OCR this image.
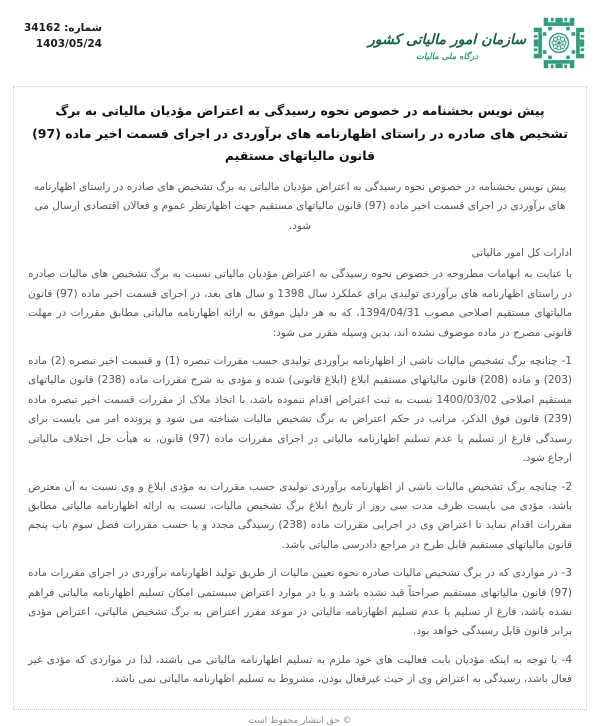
شماره: 34162
1403/05/24	سازمان امور مالیاتی کشور
درگاه ملی مالیات
پیش نویس بخشنامه در خصوص نحوه رسیدگی به اعتراض مؤدیان مالیاتی به برگ تشخیص های صادره در راستای اظهارنامه های برآوردی در اجرای قسمت اخیر ماده (97) قانون مالیاتهای مستقیم
پیش نویس بخشنامه در خصوص نحوه رسیدگی به اعتراض مؤدیان مالیاتی به برگ تشخیص های صادره در راستای اظهارنامه های برآوردی در اجرای قسمت اخیر ماده (97) قانون مالیاتهای مستقیم جهت اظهارنظر عموم و فعالان اقتصادی ارسال می شود.
ادارات کل امور مالیاتی

با عنایت به ابهامات مطروحه در خصوص نحوه رسیدگی به اعتراض مؤدیان مالیاتی نسبت به برگ تشخیص های مالیات صادره در راستای اظهارنامه های برآوردی تولیدی برای عملکرد سال 1398 و سال های بعد، در اجرای قسمت اخیر ماده (97) قانون مالیاتهای مستقیم اصلاحی مصوب 1394/04/31، که به هر دلیل موفق به ارائه اظهارنامه مالیاتی مطابق مقررات در مهلت قانونی مصرح در ماده موصوف نشده اند، بدین وسیله مقرر می شود:

1- چنانچه برگ تشخیص مالیات ناشی از اظهارنامه برآوردی تولیدی حسب مقررات تبصره (1) و قسمت اخیر تبصره (2) ماده (203) و ماده (208) قانون مالیاتهای مستقیم ابلاغ (ابلاغ قانونی) شده و مؤدی به شرح مقررات ماده (238) قانون مالیاتهای مستقیم اصلاحی 1400/03/02 نسبت به ثبت اعتراض اقدام ننموده باشد، با اتخاذ ملاک از مقررات قسمت اخیر تبصره ماده (239) قانون فوق الذکر، مراتب در حکم اعتراض به برگ تشخیص مالیات شناخته می شود و پرونده امر می بایست برای رسیدگی فارغ از تسلیم یا عدم تسلیم اظهارنامه مالیاتی در اجرای مقررات ماده (97) قانون، به هیأت حل اختلاف مالیاتی ارجاع شود.

2- چنانچه برگ تشخیص مالیات ناشی از اظهارنامه برآوردی تولیدی حسب مقررات به مؤدی ابلاغ و وی نسبت به آن معترض باشد، مؤدی می بایست ظرف مدت سی روز از تاریخ ابلاغ برگ تشخیص مالیات، نسبت به ارائه اظهارنامه مالیاتی مطابق مقررات اقدام نماید تا اعتراض وی در اجرایی مقررات ماده (238) رسیدگی مجدد و یا حسب مقررات فصل سوم باب پنجم قانون مالیاتهای مستقیم قابل طرح در مراجع دادرسی مالیاتی باشد.

3- در مواردی که در برگ تشخیص مالیات صادره نحوه تعیین مالیات از طریق تولید اظهارنامه برآوردی در اجرای مقررات ماده (97) قانون مالیاتهای مستقیم صراحتاً قید نشده باشد و یا در موارد اعتراض سیستمی امکان تسلیم اظهارنامه مالیاتی فراهم نشده باشد، فارغ از تسلیم یا عدم تسلیم اظهارنامه مالیاتی در موعد مقرر اعتراض به برگ تشخیص مالیاتی، اعتراض مؤدی برابر قانون قابل رسیدگی خواهد بود.

4- با توجه به اینکه مؤدیان بابت فعالیت های خود ملزم به تسلیم اظهارنامه مالیاتی می باشند، لذا در مواردی که مؤدی غیر فعال باشد، رسیدگی به اعتراض وی از حیث غیرفعال بودن، مشروط به تسلیم اظهارنامه مالیاتی نمی باشد.

© حق انتشار محفوظ است
